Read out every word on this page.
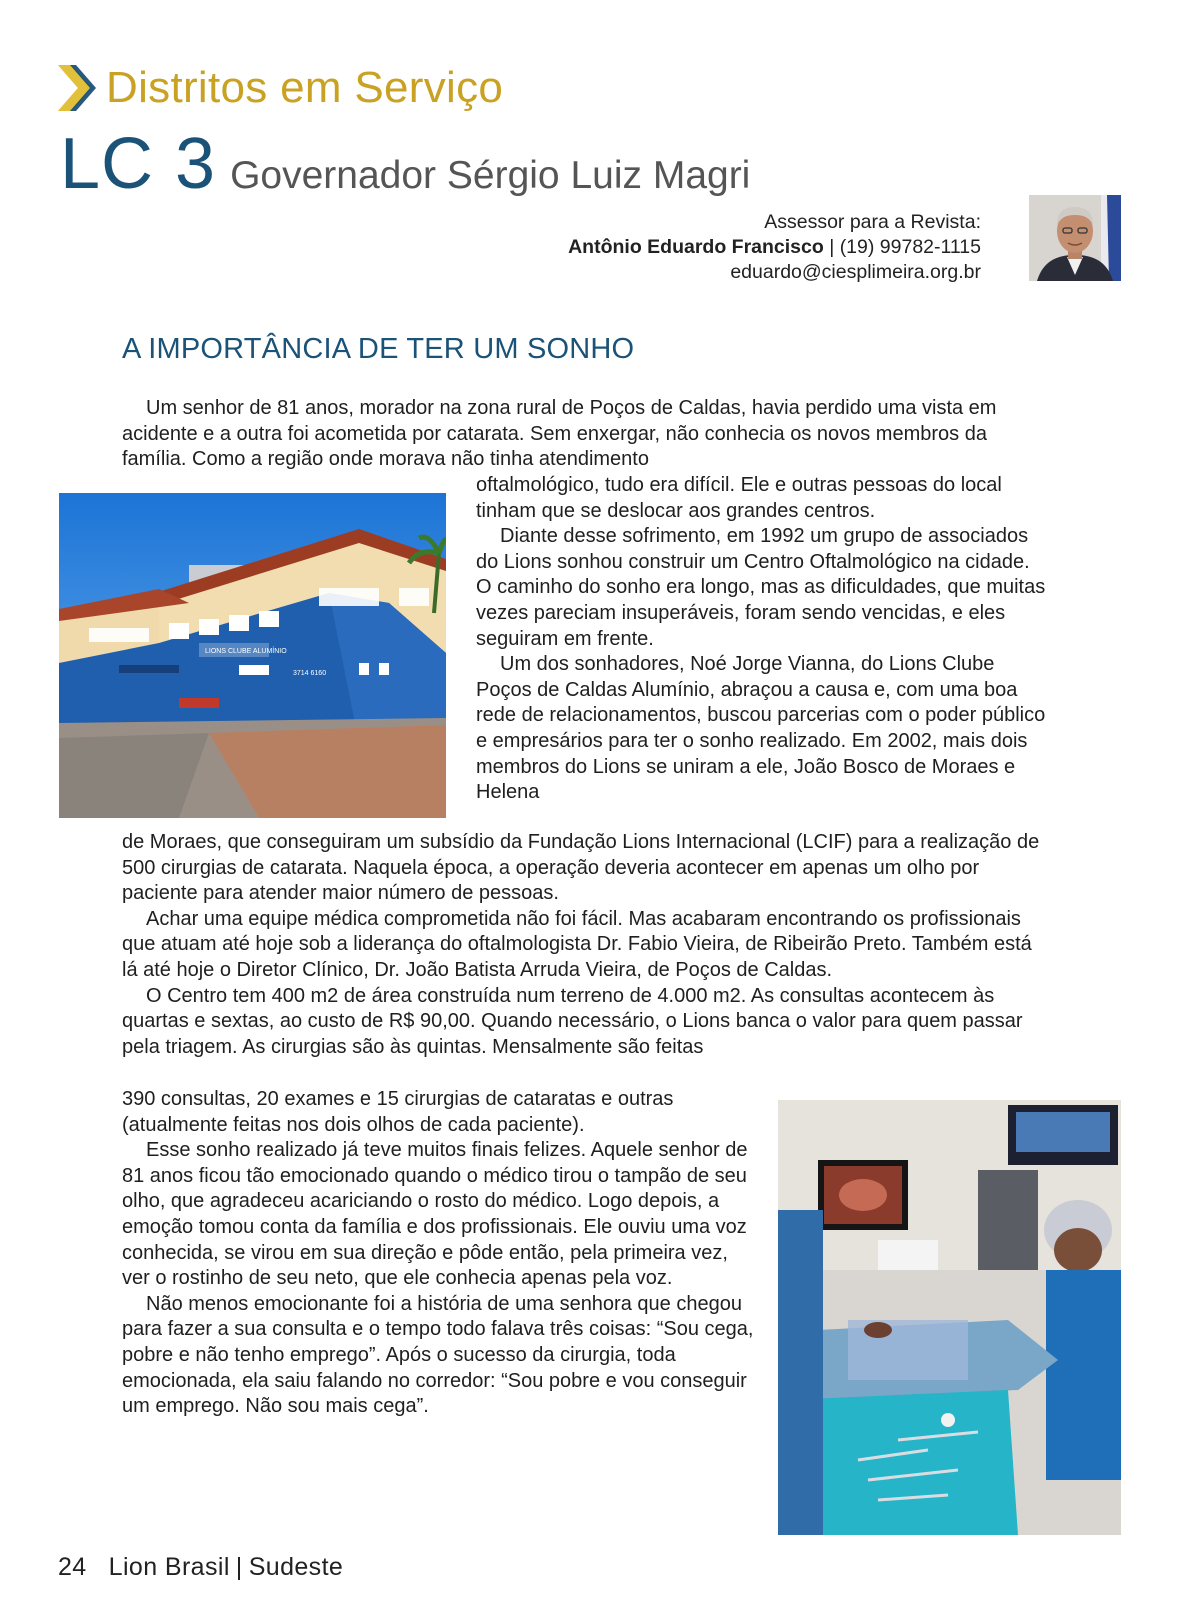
Distritos em Serviço
LC 3 Governador Sérgio Luiz Magri
Assessor para a Revista:
Antônio Eduardo Francisco | (19) 99782-1115
eduardo@ciesplimeira.org.br
A IMPORTÂNCIA DE TER UM SONHO

Um senhor de 81 anos, morador na zona rural de Poços de Caldas, havia perdido uma vista em acidente e a outra foi acometida por catarata. Sem enxergar, não conhecia os novos membros da família. Como a região onde morava não tinha atendimento

oftalmológico, tudo era difícil. Ele e outras pessoas do local tinham que se deslocar aos grandes centros.

Diante desse sofrimento, em 1992 um grupo de associados do Lions sonhou construir um Centro Oftalmológico na cidade. O caminho do sonho era longo, mas as dificuldades, que muitas vezes pareciam insuperáveis, foram sendo vencidas, e eles seguiram em frente.

Um dos sonhadores, Noé Jorge Vianna, do Lions Clube Poços de Caldas Alumínio, abraçou a causa e, com uma boa rede de relacionamentos, buscou parcerias com o poder público e empresários para ter o sonho realizado. Em 2002, mais dois membros do Lions se uniram a ele, João Bosco de Moraes e Helena

de Moraes, que conseguiram um subsídio da Fundação Lions Internacional (LCIF) para a realização de 500 cirurgias de catarata. Naquela época, a operação deveria acontecer em apenas um olho por paciente para atender maior número de pessoas.

Achar uma equipe médica comprometida não foi fácil. Mas acabaram encontrando os profissionais que atuam até hoje sob a liderança do oftalmologista Dr. Fabio Vieira, de Ribeirão Preto. Também está lá até hoje o Diretor Clínico, Dr. João Batista Arruda Vieira, de Poços de Caldas.

O Centro tem 400 m2 de área construída num terreno de 4.000 m2. As consultas acontecem às quartas e sextas, ao custo de R$ 90,00. Quando necessário, o Lions banca o valor para quem passar pela triagem. As cirurgias são às quintas. Mensalmente são feitas

390 consultas, 20 exames e 15 cirurgias de cataratas e outras (atualmente feitas nos dois olhos de cada paciente).

Esse sonho realizado já teve muitos finais felizes. Aquele senhor de 81 anos ficou tão emocionado quando o médico tirou o tampão de seu olho, que agradeceu acariciando o rosto do médico. Logo depois, a emoção tomou conta da família e dos profissionais. Ele ouviu uma voz conhecida, se virou em sua direção e pôde então, pela primeira vez, ver o rostinho de seu neto, que ele conhecia apenas pela voz.

Não menos emocionante foi a história de uma senhora que chegou para fazer a sua consulta e o tempo todo falava três coisas: “Sou cega, pobre e não tenho emprego”. Após o sucesso da cirurgia, toda emocionada, ela saiu falando no corredor: “Sou pobre e vou conseguir um emprego. Não sou mais cega”.

LIONS CLUBE ALUMÍNIO
3714 6160
24 Lion Brasil | Sudeste
